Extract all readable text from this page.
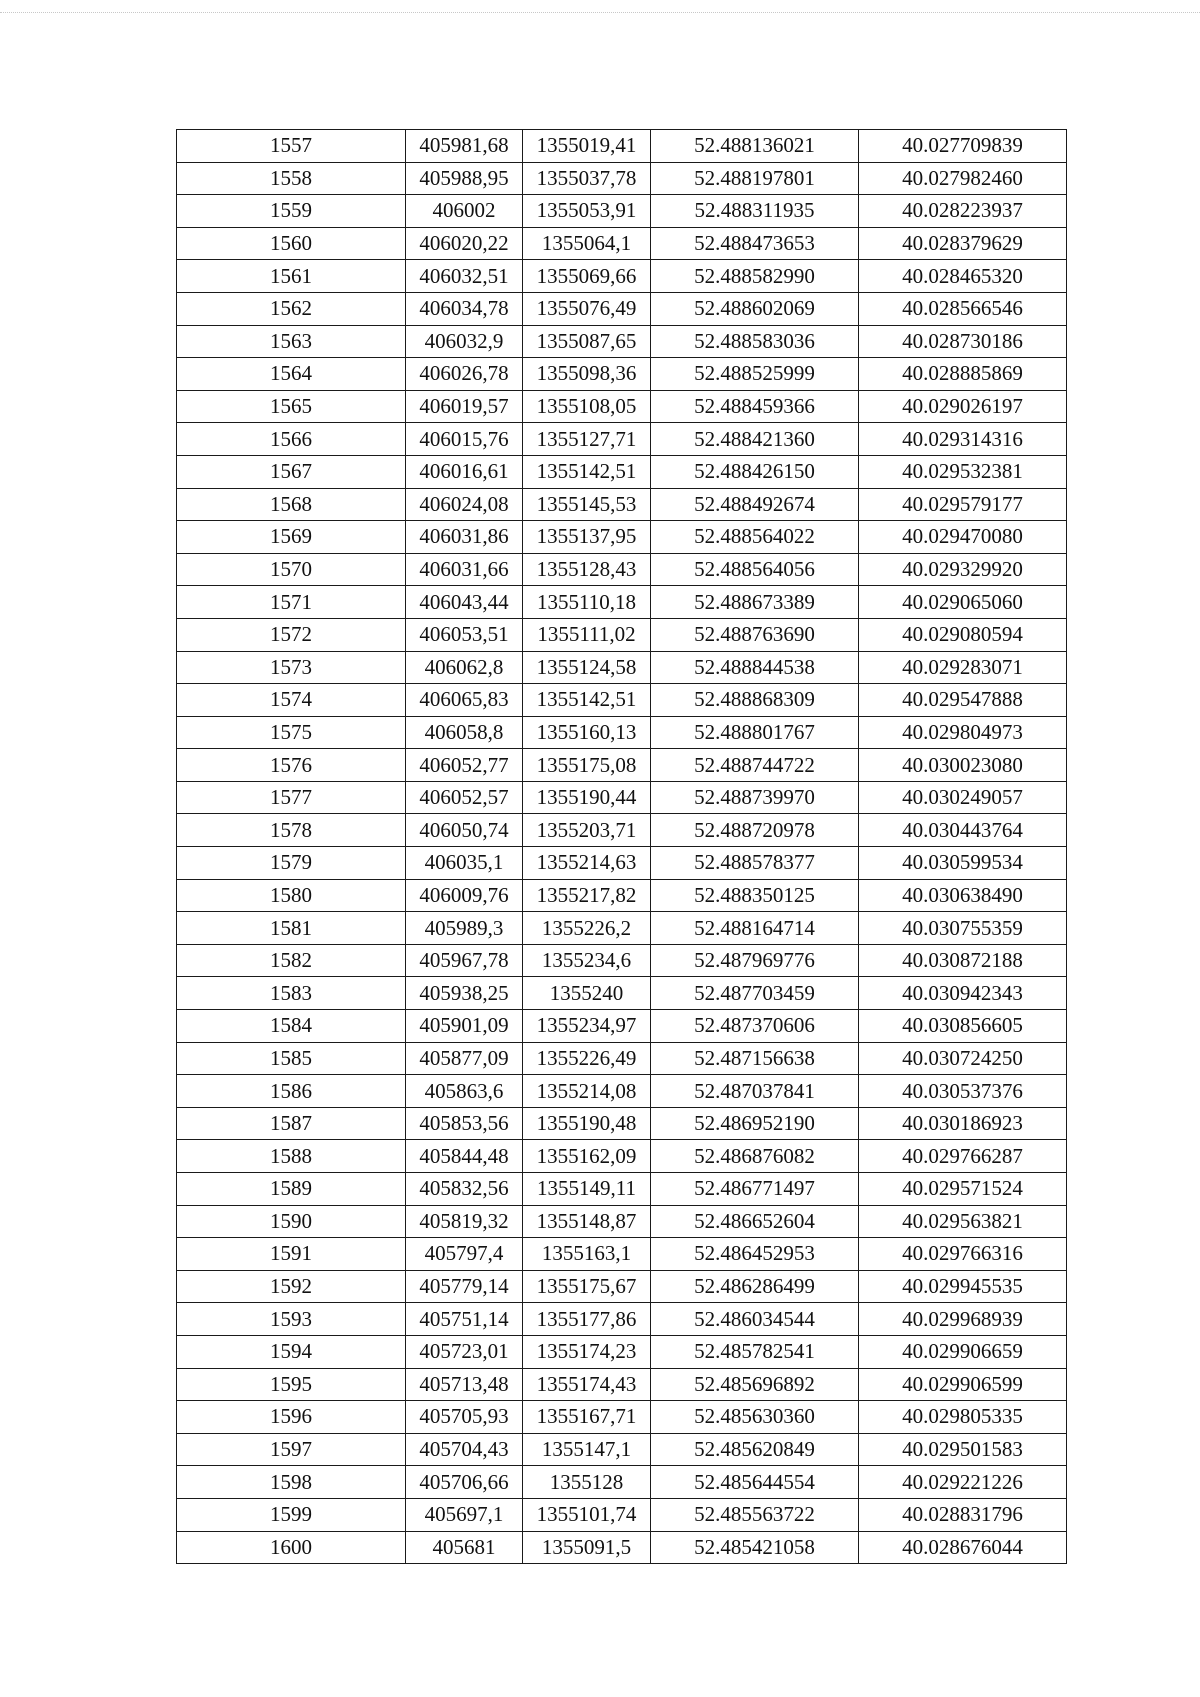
1557	405981,68	1355019,41	52.488136021	40.027709839
1558	405988,95	1355037,78	52.488197801	40.027982460
1559	406002	1355053,91	52.488311935	40.028223937
1560	406020,22	1355064,1	52.488473653	40.028379629
1561	406032,51	1355069,66	52.488582990	40.028465320
1562	406034,78	1355076,49	52.488602069	40.028566546
1563	406032,9	1355087,65	52.488583036	40.028730186
1564	406026,78	1355098,36	52.488525999	40.028885869
1565	406019,57	1355108,05	52.488459366	40.029026197
1566	406015,76	1355127,71	52.488421360	40.029314316
1567	406016,61	1355142,51	52.488426150	40.029532381
1568	406024,08	1355145,53	52.488492674	40.029579177
1569	406031,86	1355137,95	52.488564022	40.029470080
1570	406031,66	1355128,43	52.488564056	40.029329920
1571	406043,44	1355110,18	52.488673389	40.029065060
1572	406053,51	1355111,02	52.488763690	40.029080594
1573	406062,8	1355124,58	52.488844538	40.029283071
1574	406065,83	1355142,51	52.488868309	40.029547888
1575	406058,8	1355160,13	52.488801767	40.029804973
1576	406052,77	1355175,08	52.488744722	40.030023080
1577	406052,57	1355190,44	52.488739970	40.030249057
1578	406050,74	1355203,71	52.488720978	40.030443764
1579	406035,1	1355214,63	52.488578377	40.030599534
1580	406009,76	1355217,82	52.488350125	40.030638490
1581	405989,3	1355226,2	52.488164714	40.030755359
1582	405967,78	1355234,6	52.487969776	40.030872188
1583	405938,25	1355240	52.487703459	40.030942343
1584	405901,09	1355234,97	52.487370606	40.030856605
1585	405877,09	1355226,49	52.487156638	40.030724250
1586	405863,6	1355214,08	52.487037841	40.030537376
1587	405853,56	1355190,48	52.486952190	40.030186923
1588	405844,48	1355162,09	52.486876082	40.029766287
1589	405832,56	1355149,11	52.486771497	40.029571524
1590	405819,32	1355148,87	52.486652604	40.029563821
1591	405797,4	1355163,1	52.486452953	40.029766316
1592	405779,14	1355175,67	52.486286499	40.029945535
1593	405751,14	1355177,86	52.486034544	40.029968939
1594	405723,01	1355174,23	52.485782541	40.029906659
1595	405713,48	1355174,43	52.485696892	40.029906599
1596	405705,93	1355167,71	52.485630360	40.029805335
1597	405704,43	1355147,1	52.485620849	40.029501583
1598	405706,66	1355128	52.485644554	40.029221226
1599	405697,1	1355101,74	52.485563722	40.028831796
1600	405681	1355091,5	52.485421058	40.028676044
